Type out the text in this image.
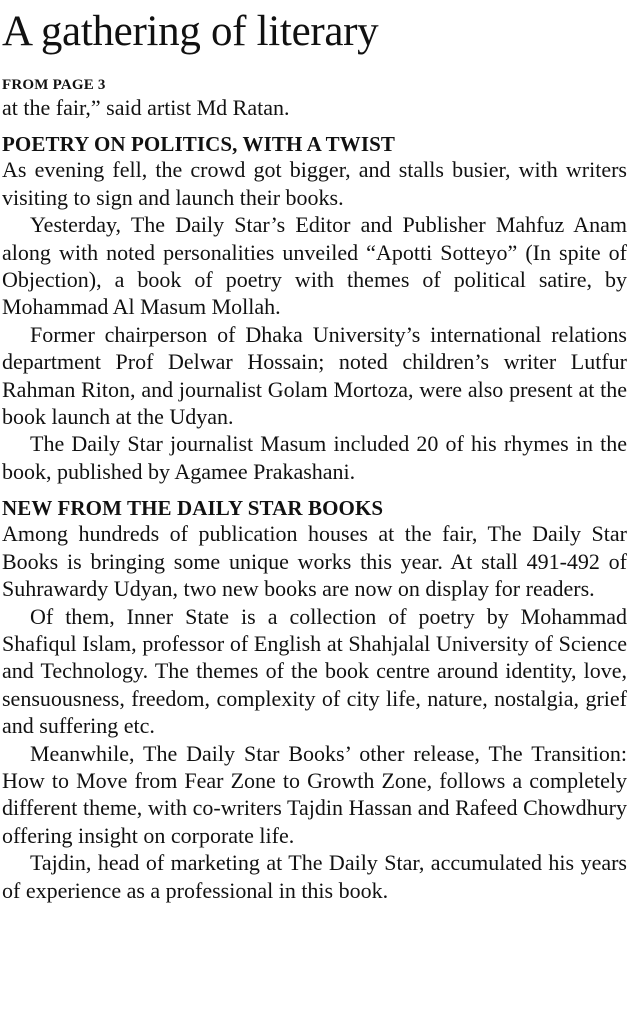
A gathering of literary
FROM PAGE 3

at the fair,” said artist Md Ratan.

POETRY ON POLITICS, WITH A TWIST

As evening fell, the crowd got bigger, and stalls busier, with writers visiting to sign and launch their books.

Yesterday, The Daily Star’s Editor and Publisher Mahfuz Anam along with noted personalities unveiled “Apotti Sotteyo” (In spite of Objection), a book of poetry with themes of political satire, by Mohammad Al Masum Mollah.

Former chairperson of Dhaka University’s international relations department Prof Delwar Hossain; noted children’s writer Lutfur Rahman Riton, and journalist Golam Mortoza, were also present at the book launch at the Udyan.

The Daily Star journalist Masum included 20 of his rhymes in the book, published by Agamee Prakashani.

NEW FROM THE DAILY STAR BOOKS

Among hundreds of publication houses at the fair, The Daily Star Books is bringing some unique works this year. At stall 491-492 of Suhrawardy Udyan, two new books are now on display for readers.

Of them, Inner State is a collection of poetry by Mohammad Shafiqul Islam, professor of English at Shahjalal University of Science and Technology. The themes of the book centre around identity, love, sensuousness, freedom, complexity of city life, nature, nostalgia, grief and suffering etc.

Meanwhile, The Daily Star Books’ other release, The Transition: How to Move from Fear Zone to Growth Zone, follows a completely different theme, with co-writers Tajdin Hassan and Rafeed Chowdhury offering insight on corporate life.

Tajdin, head of marketing at The Daily Star, accumulated his years of experience as a professional in this book.
